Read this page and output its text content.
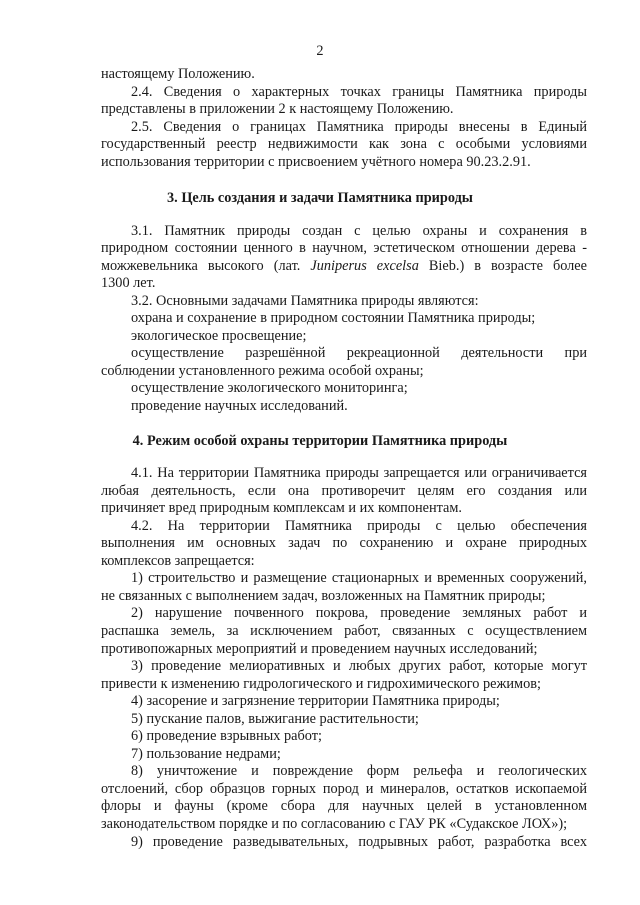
2
настоящему Положению.
2.4. Сведения о характерных точках границы Памятника природы
представлены в приложении 2 к настоящему Положению.
2.5. Сведения о границах Памятника природы внесены в Единый
государственный реестр недвижимости как зона с особыми условиями
использования территории с присвоением учётного номера 90.23.2.91.
3. Цель создания и задачи Памятника природы
3.1. Памятник природы создан с целью охраны и сохранения в
природном состоянии ценного в научном, эстетическом отношении дерева -
можжевельника высокого (лат. Juniperus excelsa Bieb.) в возрасте более
1300 лет.
3.2. Основными задачами Памятника природы являются:
охрана и сохранение в природном состоянии Памятника природы;
экологическое просвещение;
осуществление разрешённой рекреационной деятельности при
соблюдении установленного режима особой охраны;
осуществление экологического мониторинга;
проведение научных исследований.
4. Режим особой охраны территории Памятника природы
4.1. На территории Памятника природы запрещается или ограничивается
любая деятельность, если она противоречит целям его создания или
причиняет вред природным комплексам и их компонентам.
4.2. На территории Памятника природы с целью обеспечения
выполнения им основных задач по сохранению и охране природных
комплексов запрещается:
1) строительство и размещение стационарных и временных сооружений,
не связанных с выполнением задач, возложенных на Памятник природы;
2) нарушение почвенного покрова, проведение земляных работ и
распашка земель, за исключением работ, связанных с осуществлением
противопожарных мероприятий и проведением научных исследований;
3) проведение мелиоративных и любых других работ, которые могут
привести к изменению гидрологического и гидрохимического режимов;
4) засорение и загрязнение территории Памятника природы;
5) пускание палов, выжигание растительности;
6) проведение взрывных работ;
7) пользование недрами;
8) уничтожение и повреждение форм рельефа и геологических
отслоений, сбор образцов горных пород и минералов, остатков ископаемой
флоры и фауны (кроме сбора для научных целей в установленном
законодательством порядке и по согласованию с ГАУ РК «Судакское ЛОХ»);
9) проведение разведывательных, подрывных работ, разработка всех
